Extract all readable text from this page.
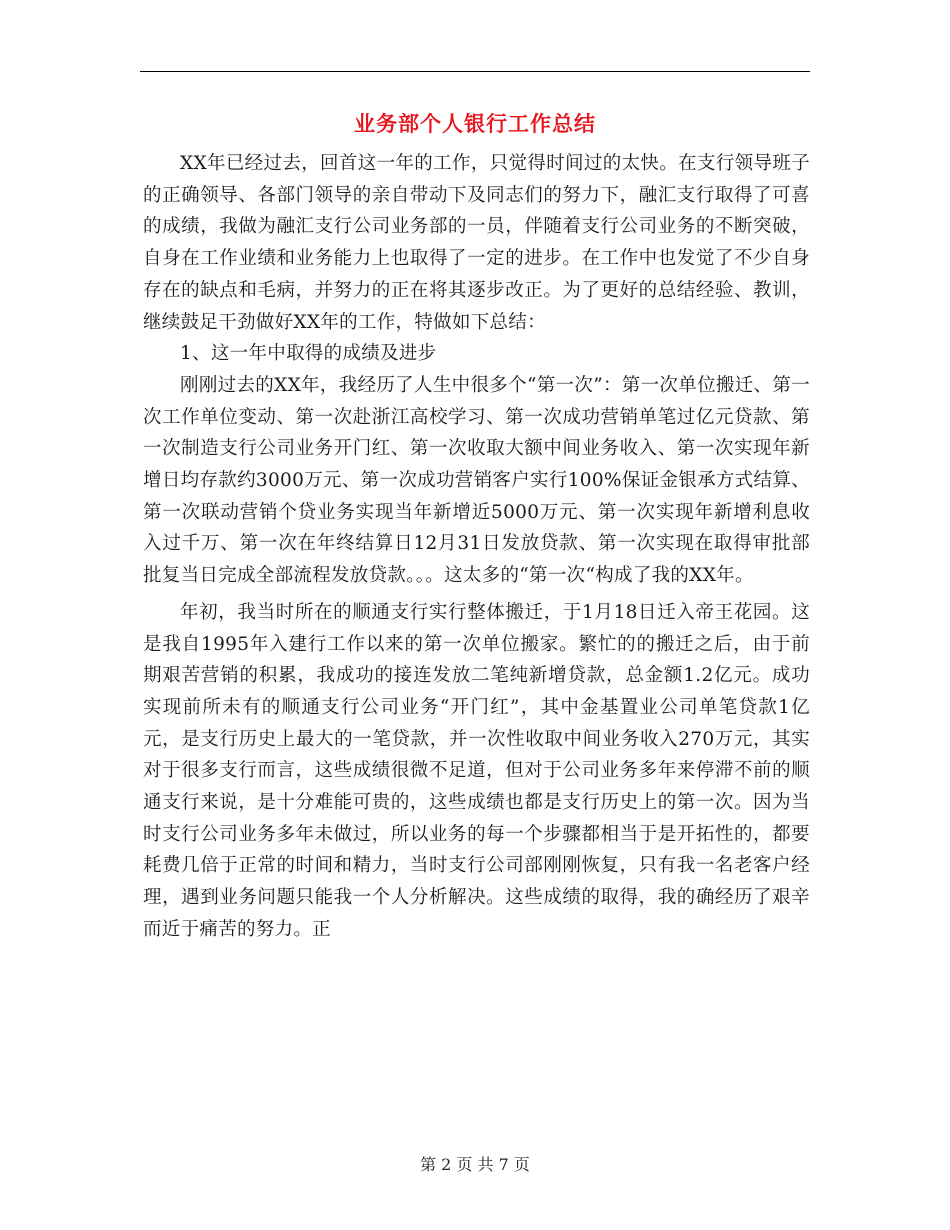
业务部个人银行工作总结

XX年已经过去，回首这一年的工作，只觉得时间过的太快。在支行领导班子的正确领导、各部门领导的亲自带动下及同志们的努力下，融汇支行取得了可喜的成绩，我做为融汇支行公司业务部的一员，伴随着支行公司业务的不断突破，自身在工作业绩和业务能力上也取得了一定的进步。在工作中也发觉了不少自身存在的缺点和毛病，并努力的正在将其逐步改正。为了更好的总结经验、教训，继续鼓足干劲做好XX年的工作，特做如下总结：

1、这一年中取得的成绩及进步

刚刚过去的XX年，我经历了人生中很多个“第一次”：第一次单位搬迁、第一次工作单位变动、第一次赴浙江高校学习、第一次成功营销单笔过亿元贷款、第一次制造支行公司业务开门红、第一次收取大额中间业务收入、第一次实现年新增日均存款约3000万元、第一次成功营销客户实行100%保证金银承方式结算、第一次联动营销个贷业务实现当年新增近5000万元、第一次实现年新增利息收入过千万、第一次在年终结算日12月31日发放贷款、第一次实现在取得审批部批复当日完成全部流程发放贷款。。。这太多的“第一次“构成了我的XX年。

年初，我当时所在的顺通支行实行整体搬迁，于1月18日迁入帝王花园。这是我自1995年入建行工作以来的第一次单位搬家。繁忙的的搬迁之后，由于前期艰苦营销的积累，我成功的接连发放二笔纯新增贷款，总金额1.2亿元。成功实现前所未有的顺通支行公司业务“开门红”，其中金基置业公司单笔贷款1亿元，是支行历史上最大的一笔贷款，并一次性收取中间业务收入270万元，其实对于很多支行而言，这些成绩很微不足道，但对于公司业务多年来停滞不前的顺通支行来说，是十分难能可贵的，这些成绩也都是支行历史上的第一次。因为当时支行公司业务多年未做过，所以业务的每一个步骤都相当于是开拓性的，都要耗费几倍于正常的时间和精力，当时支行公司部刚刚恢复，只有我一名老客户经理，遇到业务问题只能我一个人分析解决。这些成绩的取得，我的确经历了艰辛而近于痛苦的努力。正

第 2 页 共 7 页
